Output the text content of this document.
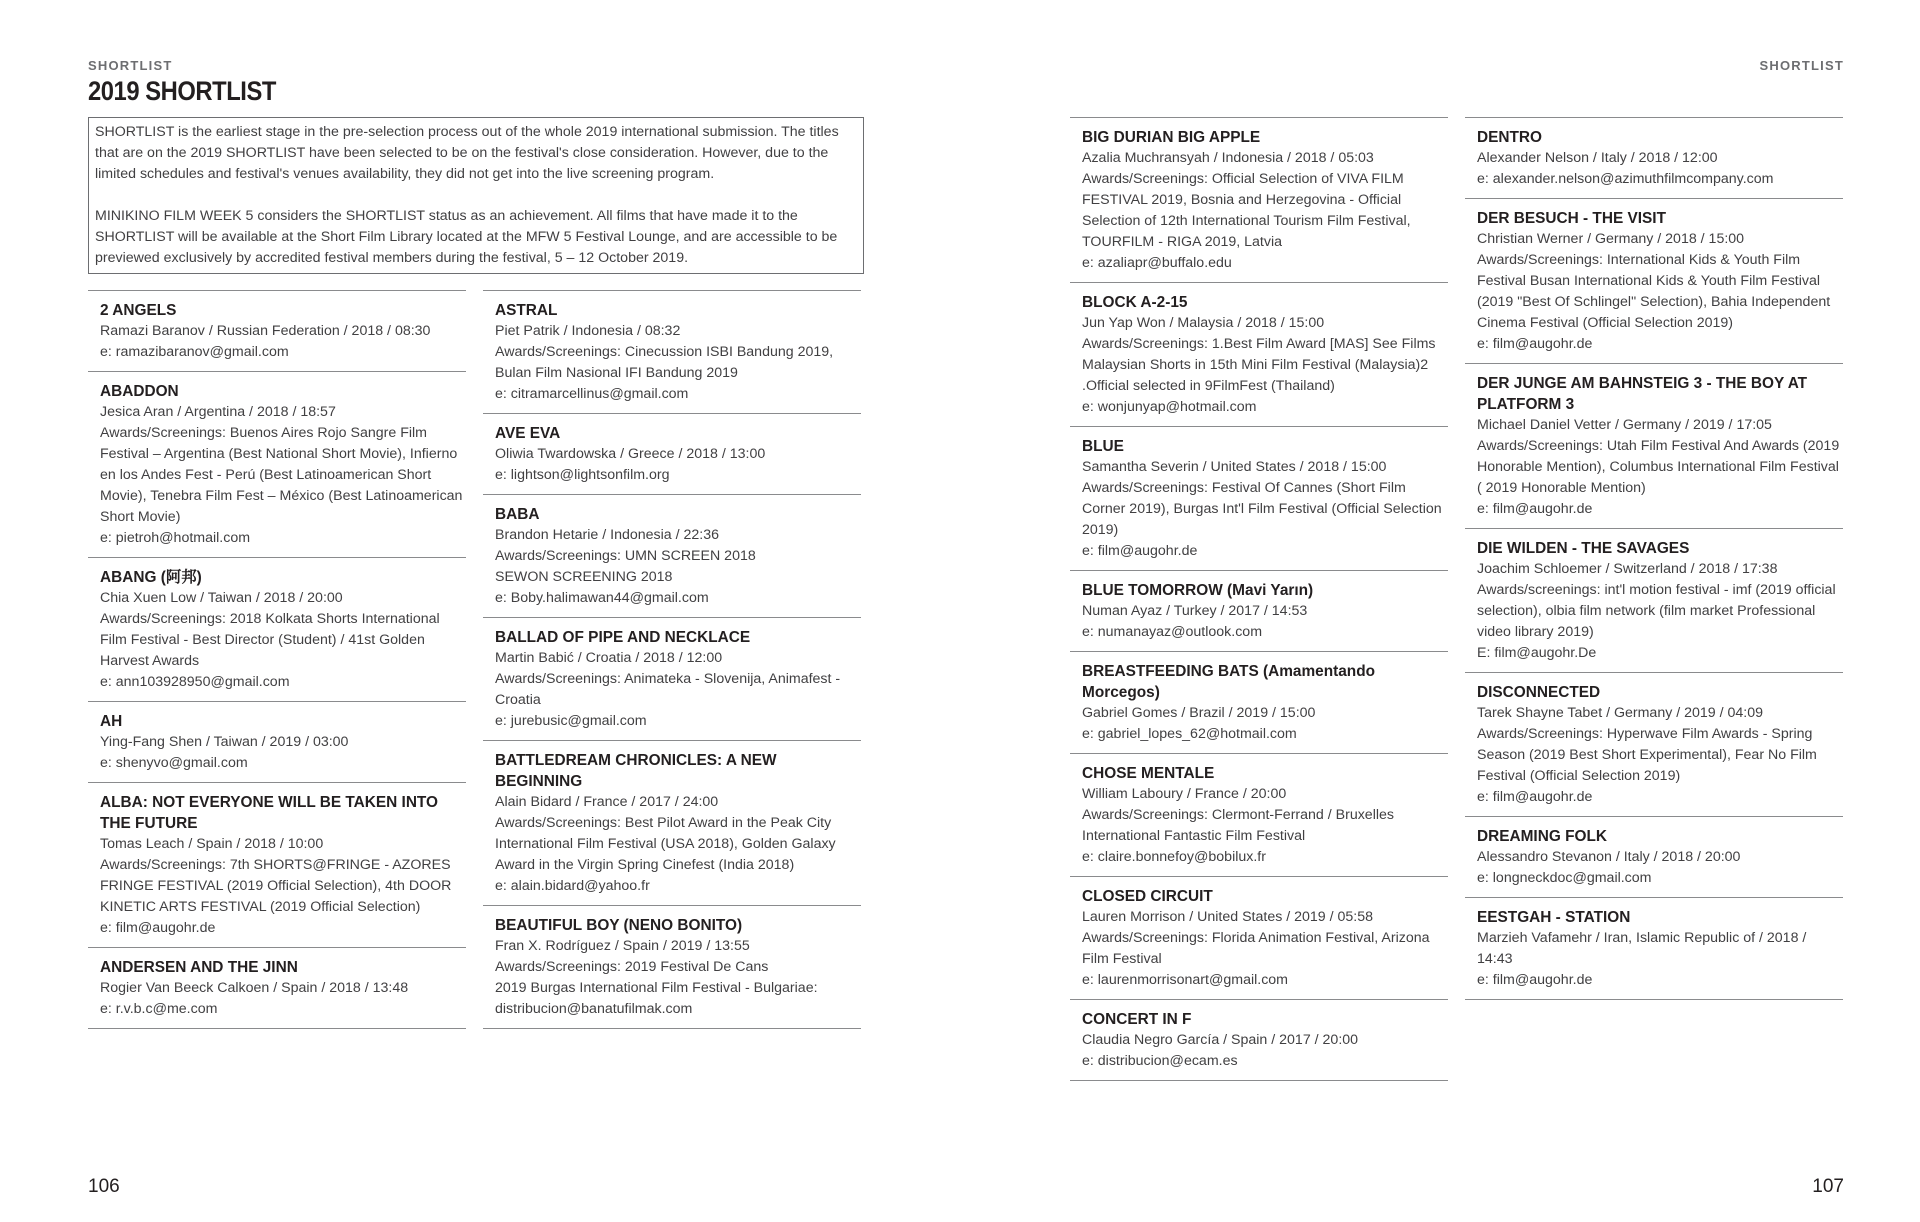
SHORTLIST
2019 SHORTLIST

SHORTLIST is the earliest stage in the pre-selection process out of the whole 2019 international submission. The titles that are on the 2019 SHORTLIST have been selected to be on the festival's close consideration. However, due to the limited schedules and festival's venues availability, they did not get into the live screening program.

MINIKINO FILM WEEK 5 considers the SHORTLIST status as an achievement. All films that have made it to the SHORTLIST will be available at the Short Film Library located at the MFW 5 Festival Lounge, and are accessible to be previewed exclusively by accredited festival members during the festival, 5 – 12 October 2019.

106
SHORTLIST
107
2 ANGELS
Ramazi Baranov / Russian Federation / 2018 / 08:30
e: ramazibaranov@gmail.com
ABADDON
Jesica Aran / Argentina / 2018 / 18:57
Awards/Screenings: Buenos Aires Rojo Sangre Film Festival – Argentina (Best National Short Movie), Infierno en los Andes Fest - Perú (Best Latinoamerican Short Movie), Tenebra Film Fest – México (Best Latinoamerican Short Movie)
e: pietroh@hotmail.com
ABANG (阿邦)
Chia Xuen Low / Taiwan / 2018 / 20:00
Awards/Screenings: 2018 Kolkata Shorts International Film Festival - Best Director (Student) / 41st Golden Harvest Awards
e: ann103928950@gmail.com
AH
Ying-Fang Shen / Taiwan / 2019 / 03:00
e: shenyvo@gmail.com
ALBA: NOT EVERYONE WILL BE TAKEN INTO THE FUTURE
Tomas Leach / Spain / 2018 / 10:00
Awards/Screenings: 7th SHORTS@FRINGE - AZORES FRINGE FESTIVAL (2019 Official Selection), 4th DOOR KINETIC ARTS FESTIVAL (2019 Official Selection)
e: film@augohr.de
ANDERSEN AND THE JINN
Rogier Van Beeck Calkoen / Spain / 2018 / 13:48
e: r.v.b.c@me.com
ASTRAL
Piet Patrik / Indonesia / 08:32
Awards/Screenings: Cinecussion ISBI Bandung 2019, Bulan Film Nasional IFI Bandung 2019
e: citramarcellinus@gmail.com
AVE EVA
Oliwia Twardowska / Greece / 2018 / 13:00
e: lightson@lightsonfilm.org
BABA
Brandon Hetarie / Indonesia / 22:36
Awards/Screenings: UMN SCREEN 2018
SEWON SCREENING 2018
e: Boby.halimawan44@gmail.com
BALLAD OF PIPE AND NECKLACE
Martin Babić / Croatia / 2018 / 12:00
Awards/Screenings: Animateka - Slovenija, Animafest - Croatia
e: jurebusic@gmail.com
BATTLEDREAM CHRONICLES: A NEW BEGINNING
Alain Bidard / France / 2017 / 24:00
Awards/Screenings: Best Pilot Award in the Peak City International Film Festival (USA 2018), Golden Galaxy Award in the Virgin Spring Cinefest (India 2018)
e: alain.bidard@yahoo.fr
BEAUTIFUL BOY (NENO BONITO)
Fran X. Rodríguez / Spain / 2019 / 13:55
Awards/Screenings: 2019 Festival De Cans
2019 Burgas International Film Festival - Bulgariae: distribucion@banatufilmak.com
BIG DURIAN BIG APPLE
Azalia Muchransyah / Indonesia / 2018 / 05:03
Awards/Screenings: Official Selection of VIVA FILM FESTIVAL 2019, Bosnia and Herzegovina - Official Selection of 12th International Tourism Film Festival, TOURFILM - RIGA 2019, Latvia
e: azaliapr@buffalo.edu
BLOCK A-2-15
Jun Yap Won / Malaysia / 2018 / 15:00
Awards/Screenings: 1.Best Film Award [MAS] See Films Malaysian Shorts in 15th Mini Film Festival (Malaysia)2 .Official selected in 9FilmFest (Thailand)
e: wonjunyap@hotmail.com
BLUE
Samantha Severin / United States / 2018 / 15:00
Awards/Screenings: Festival Of Cannes (Short Film Corner 2019), Burgas Int'l Film Festival (Official Selection 2019)
e: film@augohr.de
BLUE TOMORROW (Mavi Yarın)
Numan Ayaz / Turkey / 2017 / 14:53
e: numanayaz@outlook.com
BREASTFEEDING BATS (Amamentando Morcegos)
Gabriel Gomes / Brazil / 2019 / 15:00
e: gabriel_lopes_62@hotmail.com
CHOSE MENTALE
William Laboury / France / 20:00
Awards/Screenings: Clermont-Ferrand / Bruxelles International Fantastic Film Festival
e: claire.bonnefoy@bobilux.fr
CLOSED CIRCUIT
Lauren Morrison / United States / 2019 / 05:58
Awards/Screenings: Florida Animation Festival, Arizona Film Festival
e: laurenmorrisonart@gmail.com
CONCERT IN F
Claudia Negro García / Spain / 2017 / 20:00
e: distribucion@ecam.es
DENTRO
Alexander Nelson / Italy / 2018 / 12:00
e: alexander.nelson@azimuthfilmcompany.com
DER BESUCH - THE VISIT
Christian Werner / Germany / 2018 / 15:00
Awards/Screenings: International Kids & Youth Film Festival Busan International Kids & Youth Film Festival (2019 "Best Of Schlingel" Selection), Bahia Independent Cinema Festival (Official Selection 2019)
e: film@augohr.de
DER JUNGE AM BAHNSTEIG 3 - THE BOY AT PLATFORM 3
Michael Daniel Vetter / Germany / 2019 / 17:05
Awards/Screenings: Utah Film Festival And Awards (2019 Honorable Mention), Columbus International Film Festival ( 2019 Honorable Mention)
e: film@augohr.de
DIE WILDEN - THE SAVAGES
Joachim Schloemer / Switzerland / 2018 / 17:38
Awards/screenings: int'l motion festival - imf (2019 official selection), olbia film network (film market Professional video library 2019)
E: film@augohr.De
DISCONNECTED
Tarek Shayne Tabet / Germany / 2019 / 04:09
Awards/Screenings: Hyperwave Film Awards - Spring Season (2019 Best Short Experimental), Fear No Film Festival (Official Selection 2019)
e: film@augohr.de
DREAMING FOLK
Alessandro Stevanon / Italy / 2018 / 20:00
e: longneckdoc@gmail.com
EESTGAH - STATION
Marzieh Vafamehr / Iran, Islamic Republic of / 2018 / 14:43
e: film@augohr.de
